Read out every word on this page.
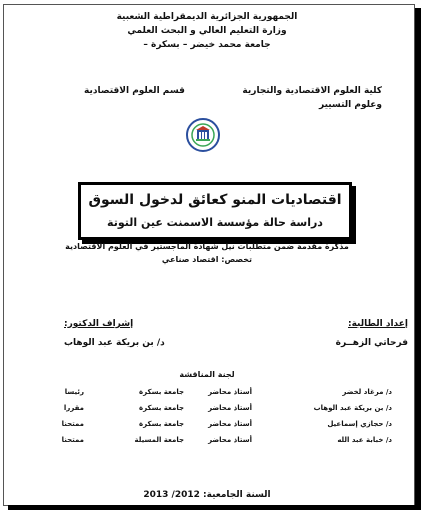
الجمهورية الجزائرية الديمقراطية الشعبية
وزارة التعليم العالي و البحث العلمي
جامعة محمد خيضر – بسكرة –
كلية العلوم الاقتصادية والتجارية
وعلوم التسيير
قسم العلوم الاقتصادية
اقتصاديات المنو كعائق لدخول السوق
دراسة حالة مؤسسة الاسمنت عين التوتة
مذكرة مقدمة ضمن متطلبات نيل شهادة الماجستير في العلوم الاقتصادية
تخصص: اقتصاد صناعي
إعداد الطالبة:
فرحاتي الزهــرة
إشراف الدكتور:
د/ بن بريكة عبد الوهاب
لجنة المناقشة
د/ مرغاد لخضر
أستاذ محاضر
جامعة بسكرة
رئيسا
د/ بن بريكة عبد الوهاب
أستاذ محاضر
جامعة بسكرة
مقررا
د/ حجازي إسماعيل
أستاذ محاضر
جامعة بسكرة
ممتحنا
د/ خبابة عبد الله
أستاذ محاضر
جامعة المسيلة
ممتحنا
السنة الجامعية: 2012/ 2013
